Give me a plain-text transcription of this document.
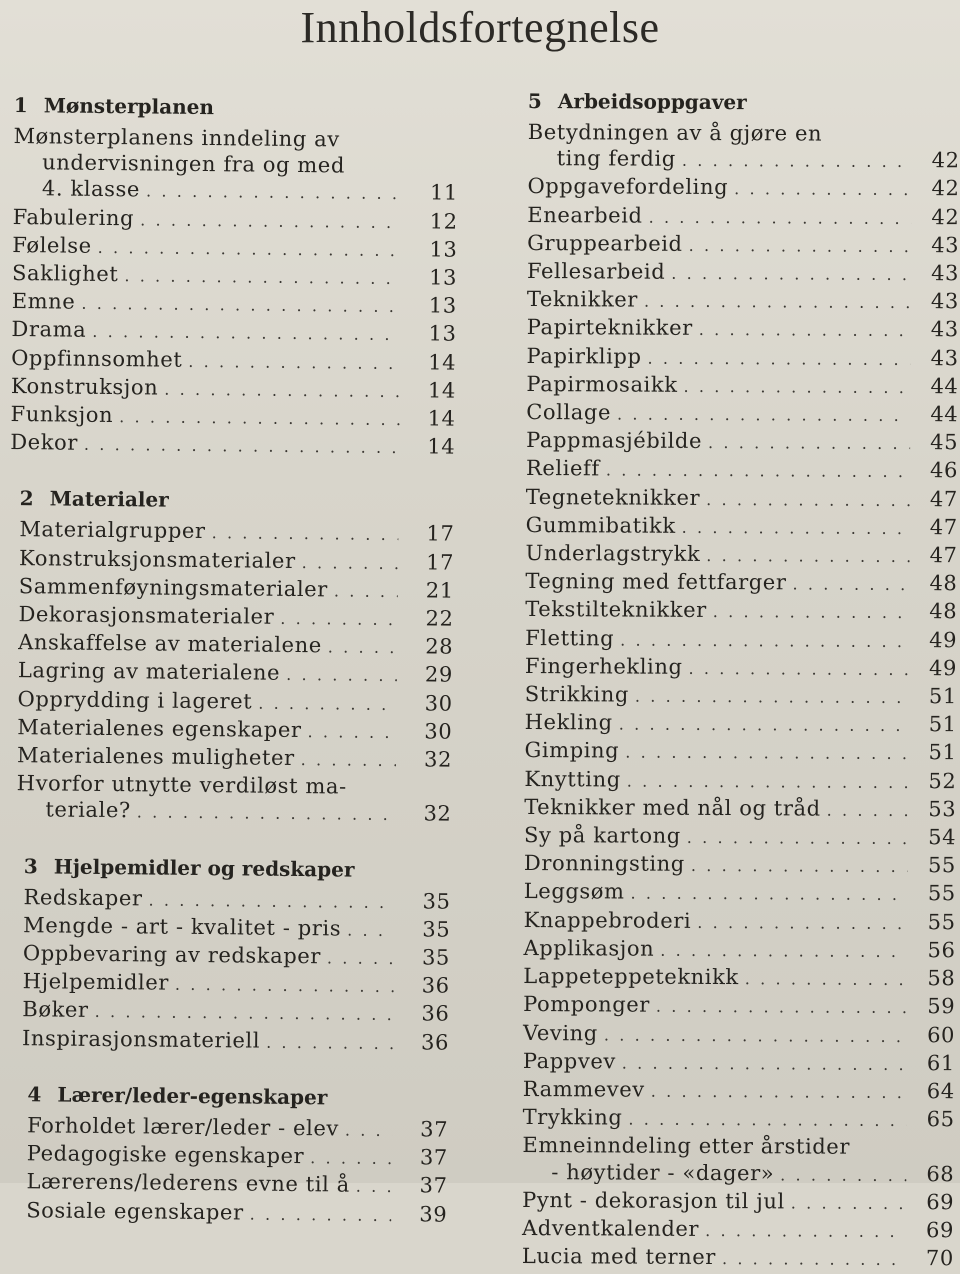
Innholdsfortegnelse
1 Mønsterplanen
Mønsterplanens inndeling av
undervisningen fra og med
4. klasse . . .	11
Fabulering . . .	12
Følelse . . .	13
Saklighet . . .	13
Emne . . .	13
Drama . . .	13
Oppfinnsomhet . . .	14
Konstruksjon . . .	14
Funksjon . . .	14
Dekor . . .	14
2 Materialer
Materialgrupper . . .	17
Konstruksjonsmaterialer . . .	17
Sammenføyningsmaterialer . . .	21
Dekorasjonsmaterialer . . .	22
Anskaffelse av materialene . . .	28
Lagring av materialene . . .	29
Opprydding i lageret . . .	30
Materialenes egenskaper . . .	30
Materialenes muligheter . . .	32
Hvorfor utnytte verdiløst ma-
teriale? . . .	32
3 Hjelpemidler og redskaper
Redskaper . . .	35
Mengde - art - kvalitet - pris . . .	35
Oppbevaring av redskaper . . .	35
Hjelpemidler . . .	36
Bøker . . .	36
Inspirasjonsmateriell . . .	36
4 Lærer/leder-egenskaper
Forholdet lærer/leder - elev . . .	37
Pedagogiske egenskaper . . .	37
Lærerens/lederens evne til å . . .	37
Sosiale egenskaper . . .	39
5 Arbeidsoppgaver
Betydningen av å gjøre en
ting ferdig . . .	42
Oppgavefordeling . . .	42
Enearbeid . . .	42
Gruppearbeid . . .	43
Fellesarbeid . . .	43
Teknikker . . .	43
Papirteknikker . . .	43
Papirklipp . . .	43
Papirmosaikk . . .	44
Collage . . .	44
Pappmasjébilde . . .	45
Relieff . . .	46
Tegneteknikker . . .	47
Gummibatikk . . .	47
Underlagstrykk . . .	47
Tegning med fettfarger . . .	48
Tekstilteknikker . . .	48
Fletting . . .	49
Fingerhekling . . .	49
Strikking . . .	51
Hekling . . .	51
Gimping . . .	51
Knytting . . .	52
Teknikker med nål og tråd . . .	53
Sy på kartong . . .	54
Dronningsting . . .	55
Leggsøm . . .	55
Knappebroderi . . .	55
Applikasjon . . .	56
Lappeteppeteknikk . . .	58
Pomponger . . .	59
Veving . . .	60
Pappvev . . .	61
Rammevev . . .	64
Trykking . . .	65
Emneinndeling etter årstider
- høytider - «dager» . . .	68
Pynt - dekorasjon til jul . . .	69
Adventkalender . . .	69
Lucia med terner . . .	70
